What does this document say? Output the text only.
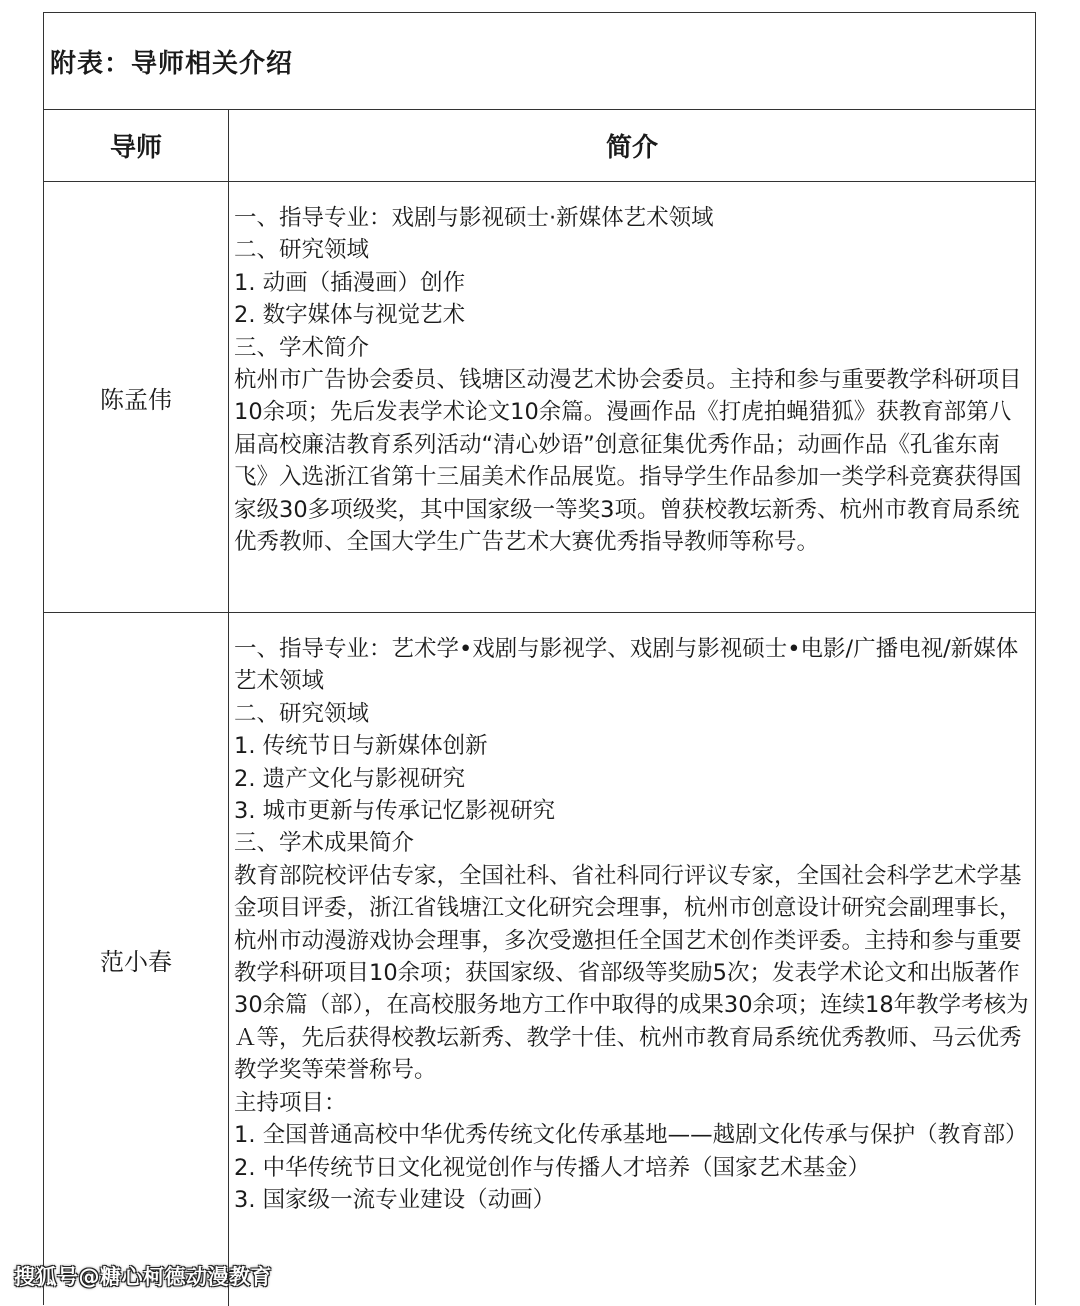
附表：导师相关介绍
导师	简介
陈孟伟
一、指导专业：戏剧与影视硕士·新媒体艺术领域
二、研究领域
1. 动画（插漫画）创作
2. 数字媒体与视觉艺术
三、学术简介
杭州市广告协会委员、钱塘区动漫艺术协会委员。主持和参与重要教学科研项目10余项；先后发表学术论文10余篇。漫画作品《打虎拍蝇猎狐》获教育部第八届高校廉洁教育系列活动“清心妙语”创意征集优秀作品；动画作品《孔雀东南飞》入选浙江省第十三届美术作品展览。指导学生作品参加一类学科竞赛获得国家级30多项级奖，其中国家级一等奖3项。曾获校教坛新秀、杭州市教育局系统优秀教师、全国大学生广告艺术大赛优秀指导教师等称号。
范小春
一、指导专业：艺术学•戏剧与影视学、戏剧与影视硕士•电影/广播电视/新媒体艺术领域
二、研究领域
1. 传统节日与新媒体创新
2. 遗产文化与影视研究
3. 城市更新与传承记忆影视研究
三、学术成果简介
教育部院校评估专家，全国社科、省社科同行评议专家，全国社会科学艺术学基金项目评委，浙江省钱塘江文化研究会理事，杭州市创意设计研究会副理事长，杭州市动漫游戏协会理事，多次受邀担任全国艺术创作类评委。主持和参与重要教学科研项目10余项；获国家级、省部级等奖励5次；发表学术论文和出版著作30余篇（部），在高校服务地方工作中取得的成果30余项；连续18年教学考核为Ａ等，先后获得校教坛新秀、教学十佳、杭州市教育局系统优秀教师、马云优秀教学奖等荣誉称号。
主持项目：
1. 全国普通高校中华优秀传统文化传承基地——越剧文化传承与保护（教育部）
2. 中华传统节日文化视觉创作与传播人才培养（国家艺术基金）
3. 国家级一流专业建设（动画）
搜狐号@糖心柯德动漫教育
